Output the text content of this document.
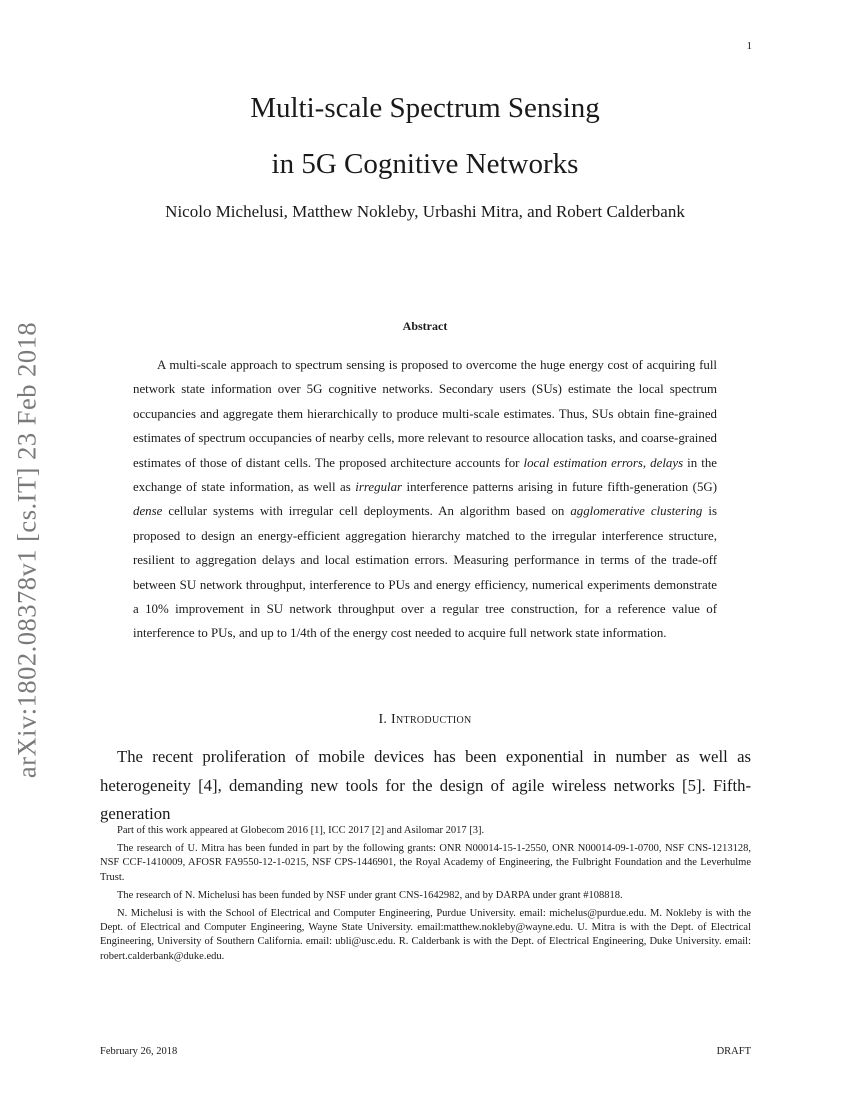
1
arXiv:1802.08378v1 [cs.IT] 23 Feb 2018
Multi-scale Spectrum Sensing
in 5G Cognitive Networks
Nicolo Michelusi, Matthew Nokleby, Urbashi Mitra, and Robert Calderbank
Abstract

A multi-scale approach to spectrum sensing is proposed to overcome the huge energy cost of acquiring full network state information over 5G cognitive networks. Secondary users (SUs) estimate the local spectrum occupancies and aggregate them hierarchically to produce multi-scale estimates. Thus, SUs obtain fine-grained estimates of spectrum occupancies of nearby cells, more relevant to resource allocation tasks, and coarse-grained estimates of those of distant cells. The proposed architecture accounts for local estimation errors, delays in the exchange of state information, as well as irregular interference patterns arising in future fifth-generation (5G) dense cellular systems with irregular cell deployments. An algorithm based on agglomerative clustering is proposed to design an energy-efficient aggregation hierarchy matched to the irregular interference structure, resilient to aggregation delays and local estimation errors. Measuring performance in terms of the trade-off between SU network throughput, interference to PUs and energy efficiency, numerical experiments demonstrate a 10% improvement in SU network throughput over a regular tree construction, for a reference value of interference to PUs, and up to 1/4th of the energy cost needed to acquire full network state information.

I. Introduction

The recent proliferation of mobile devices has been exponential in number as well as heterogeneity [4], demanding new tools for the design of agile wireless networks [5]. Fifth-generation

Part of this work appeared at Globecom 2016 [1], ICC 2017 [2] and Asilomar 2017 [3].

The research of U. Mitra has been funded in part by the following grants: ONR N00014-15-1-2550, ONR N00014-09-1-0700, NSF CNS-1213128, NSF CCF-1410009, AFOSR FA9550-12-1-0215, NSF CPS-1446901, the Royal Academy of Engineering, the Fulbright Foundation and the Leverhulme Trust.

The research of N. Michelusi has been funded by NSF under grant CNS-1642982, and by DARPA under grant #108818.

N. Michelusi is with the School of Electrical and Computer Engineering, Purdue University. email: michelus@purdue.edu. M. Nokleby is with the Dept. of Electrical and Computer Engineering, Wayne State University. email:matthew.nokleby@wayne.edu. U. Mitra is with the Dept. of Electrical Engineering, University of Southern California. email: ubli@usc.edu. R. Calderbank is with the Dept. of Electrical Engineering, Duke University. email: robert.calderbank@duke.edu.

February 26, 2018	DRAFT
